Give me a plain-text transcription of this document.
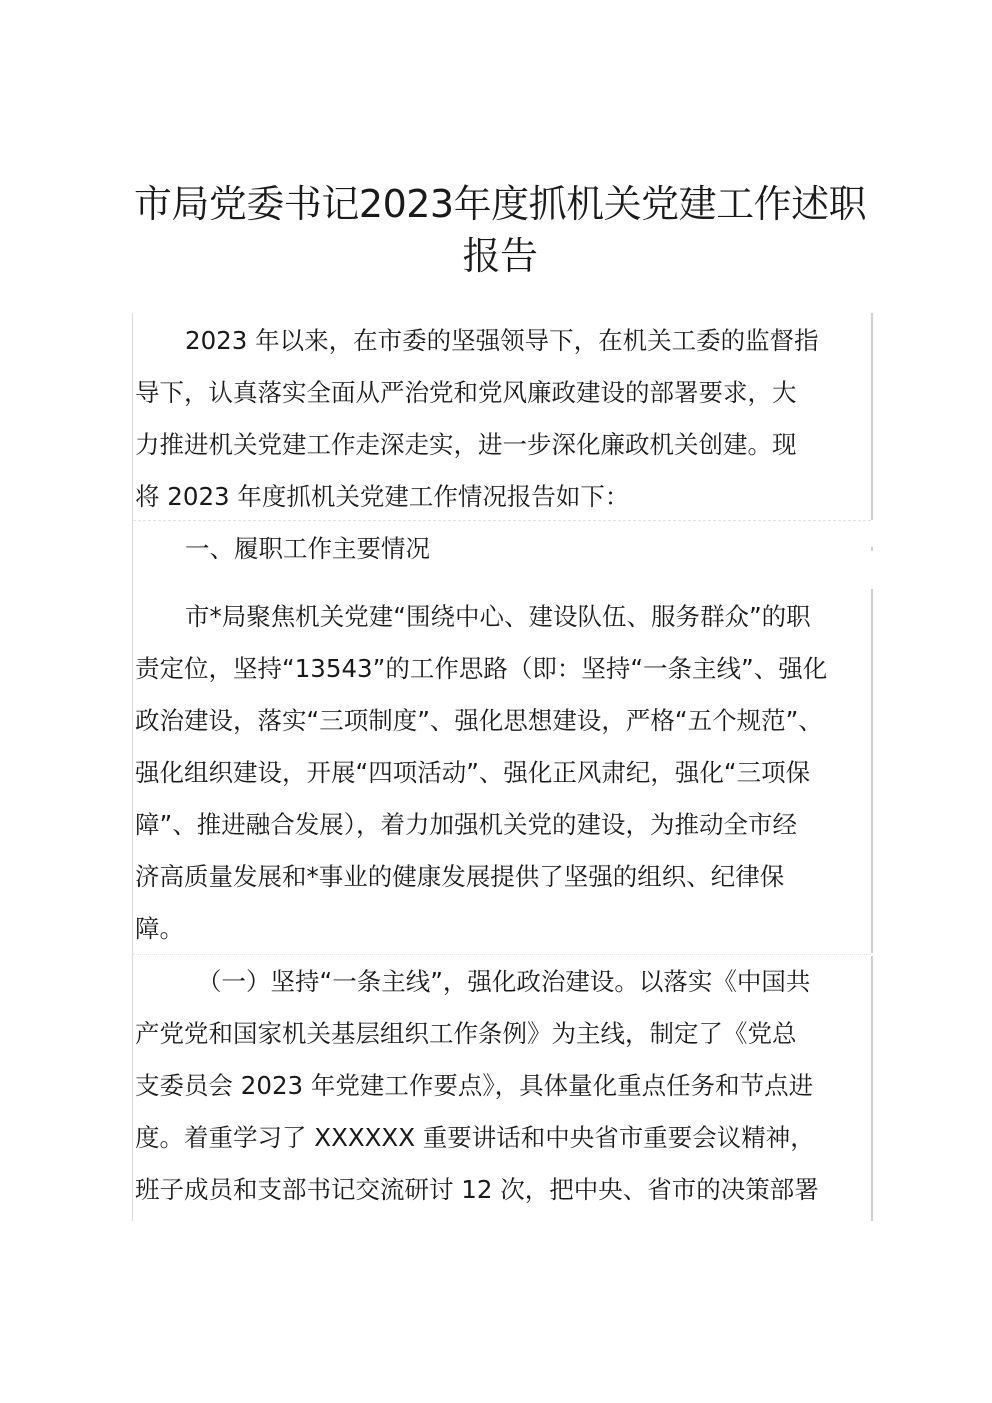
市局党委书记2023年度抓机关党建工作述职
报告
2023 年以来，在市委的坚强领导下，在机关工委的监督指
导下，认真落实全面从严治党和党风廉政建设的部署要求，大
力推进机关党建工作走深走实，进一步深化廉政机关创建。现
将 2023 年度抓机关党建工作情况报告如下：
一、履职工作主要情况
市*局聚焦机关党建“围绕中心、建设队伍、服务群众”的职
责定位，坚持“13543”的工作思路（即：坚持“一条主线”、强化
政治建设，落实“三项制度”、强化思想建设，严格“五个规范”、
强化组织建设，开展“四项活动”、强化正风肃纪，强化“三项保
障”、推进融合发展），着力加强机关党的建设，为推动全市经
济高质量发展和*事业的健康发展提供了坚强的组织、纪律保
障。
（一）坚持“一条主线”，强化政治建设。以落实《中国共
产党党和国家机关基层组织工作条例》为主线，制定了《党总
支委员会 2023 年党建工作要点》，具体量化重点任务和节点进
度。着重学习了 XXXXXX 重要讲话和中央省市重要会议精神，
班子成员和支部书记交流研讨 12 次，把中央、省市的决策部署
